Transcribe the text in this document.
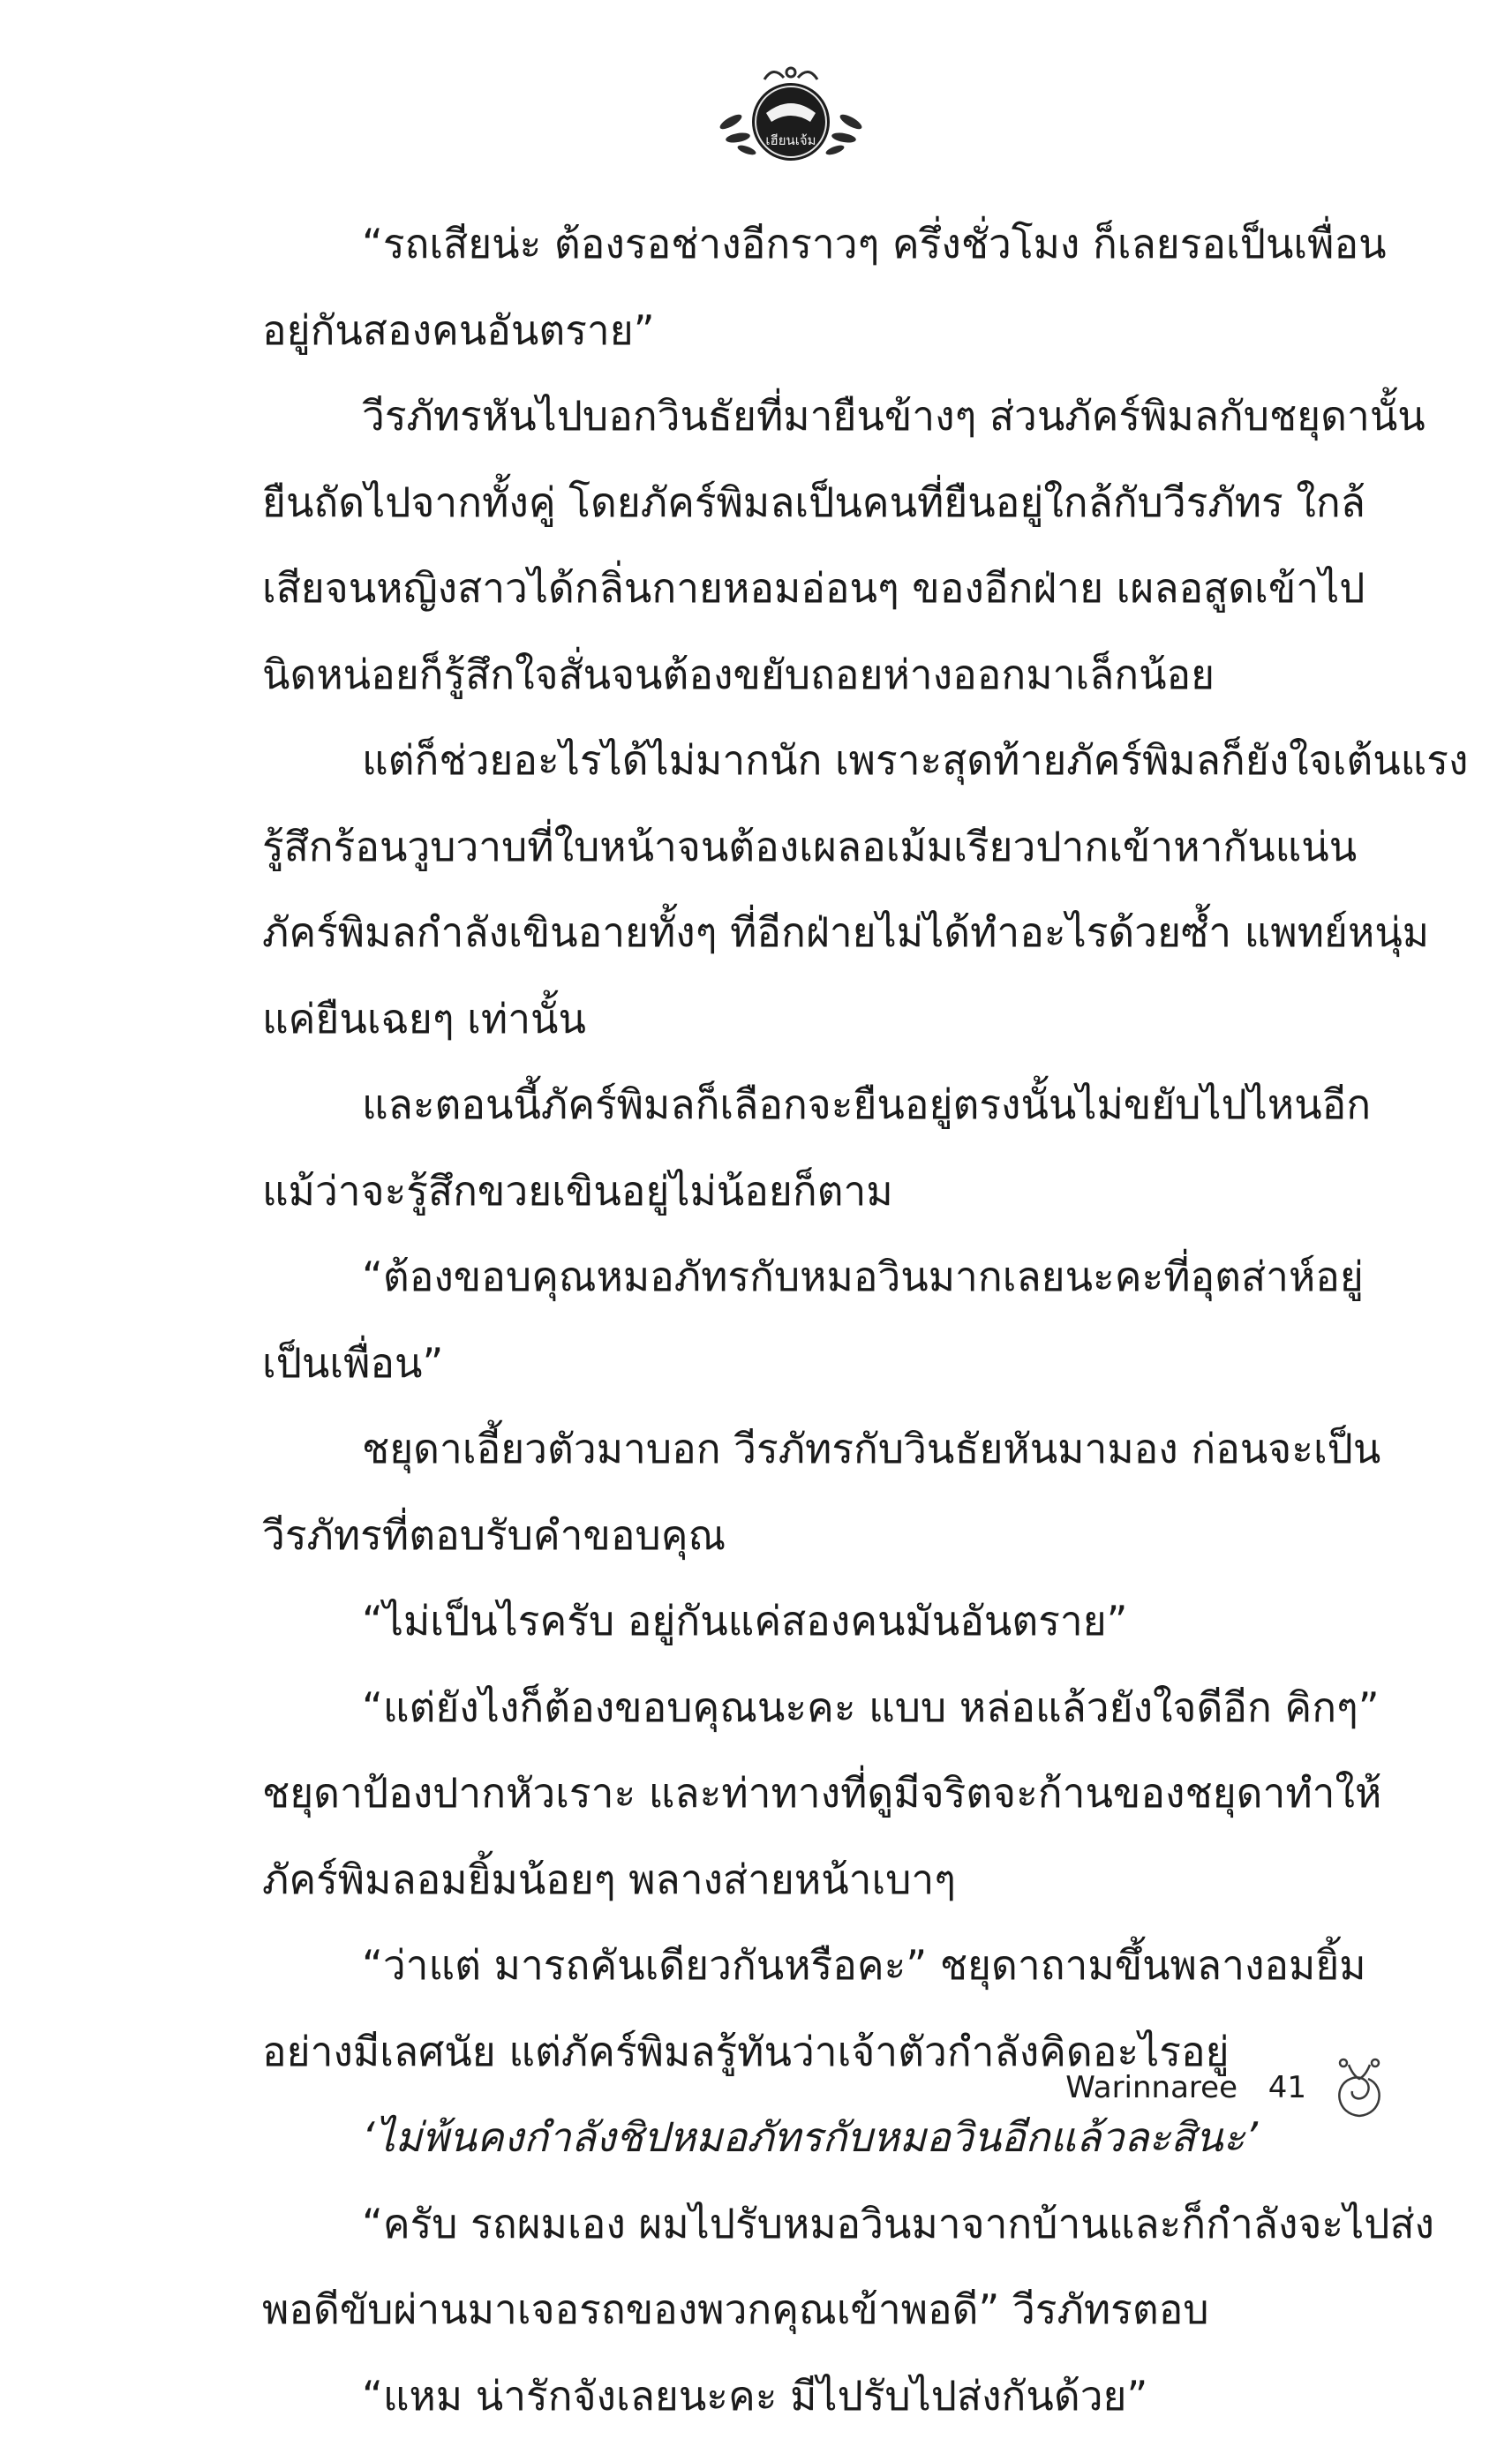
เฮียนเจ้ม
“รถเสียน่ะ ต้องรอช่างอีกราวๆ ครึ่งชั่วโมง ก็เลยรอเป็นเพื่อน
อยู่กันสองคนอันตราย”
วีรภัทรหันไปบอกวินธัยที่มายืนข้างๆ ส่วนภัคร์พิมลกับชยุดานั้น
ยืนถัดไปจากทั้งคู่ โดยภัคร์พิมลเป็นคนที่ยืนอยู่ใกล้กับวีรภัทร ใกล้
เสียจนหญิงสาวได้กลิ่นกายหอมอ่อนๆ ของอีกฝ่าย เผลอสูดเข้าไป
นิดหน่อยก็รู้สึกใจสั่นจนต้องขยับถอยห่างออกมาเล็กน้อย
แต่ก็ช่วยอะไรได้ไม่มากนัก เพราะสุดท้ายภัคร์พิมลก็ยังใจเต้นแรง
รู้สึกร้อนวูบวาบที่ใบหน้าจนต้องเผลอเม้มเรียวปากเข้าหากันแน่น
ภัคร์พิมลกำลังเขินอายทั้งๆ ที่อีกฝ่ายไม่ได้ทำอะไรด้วยซ้ำ แพทย์หนุ่ม
แค่ยืนเฉยๆ เท่านั้น
และตอนนี้ภัคร์พิมลก็เลือกจะยืนอยู่ตรงนั้นไม่ขยับไปไหนอีก
แม้ว่าจะรู้สึกขวยเขินอยู่ไม่น้อยก็ตาม
“ต้องขอบคุณหมอภัทรกับหมอวินมากเลยนะคะที่อุตส่าห์อยู่
เป็นเพื่อน”
ชยุดาเอี้ยวตัวมาบอก วีรภัทรกับวินธัยหันมามอง ก่อนจะเป็น
วีรภัทรที่ตอบรับคำขอบคุณ
“ไม่เป็นไรครับ อยู่กันแค่สองคนมันอันตราย”
“แต่ยังไงก็ต้องขอบคุณนะคะ แบบ หล่อแล้วยังใจดีอีก คิกๆ”
ชยุดาป้องปากหัวเราะ และท่าทางที่ดูมีจริตจะก้านของชยุดาทำให้
ภัคร์พิมลอมยิ้มน้อยๆ พลางส่ายหน้าเบาๆ
“ว่าแต่ มารถคันเดียวกันหรือคะ” ชยุดาถามขึ้นพลางอมยิ้ม
อย่างมีเลศนัย แต่ภัคร์พิมลรู้ทันว่าเจ้าตัวกำลังคิดอะไรอยู่
‘ไม่พ้นคงกำลังชิปหมอภัทรกับหมอวินอีกแล้วละสินะ’
“ครับ รถผมเอง ผมไปรับหมอวินมาจากบ้านและก็กำลังจะไปส่ง
พอดีขับผ่านมาเจอรถของพวกคุณเข้าพอดี” วีรภัทรตอบ
“แหม น่ารักจังเลยนะคะ มีไปรับไปส่งกันด้วย”
Warinnaree 41
